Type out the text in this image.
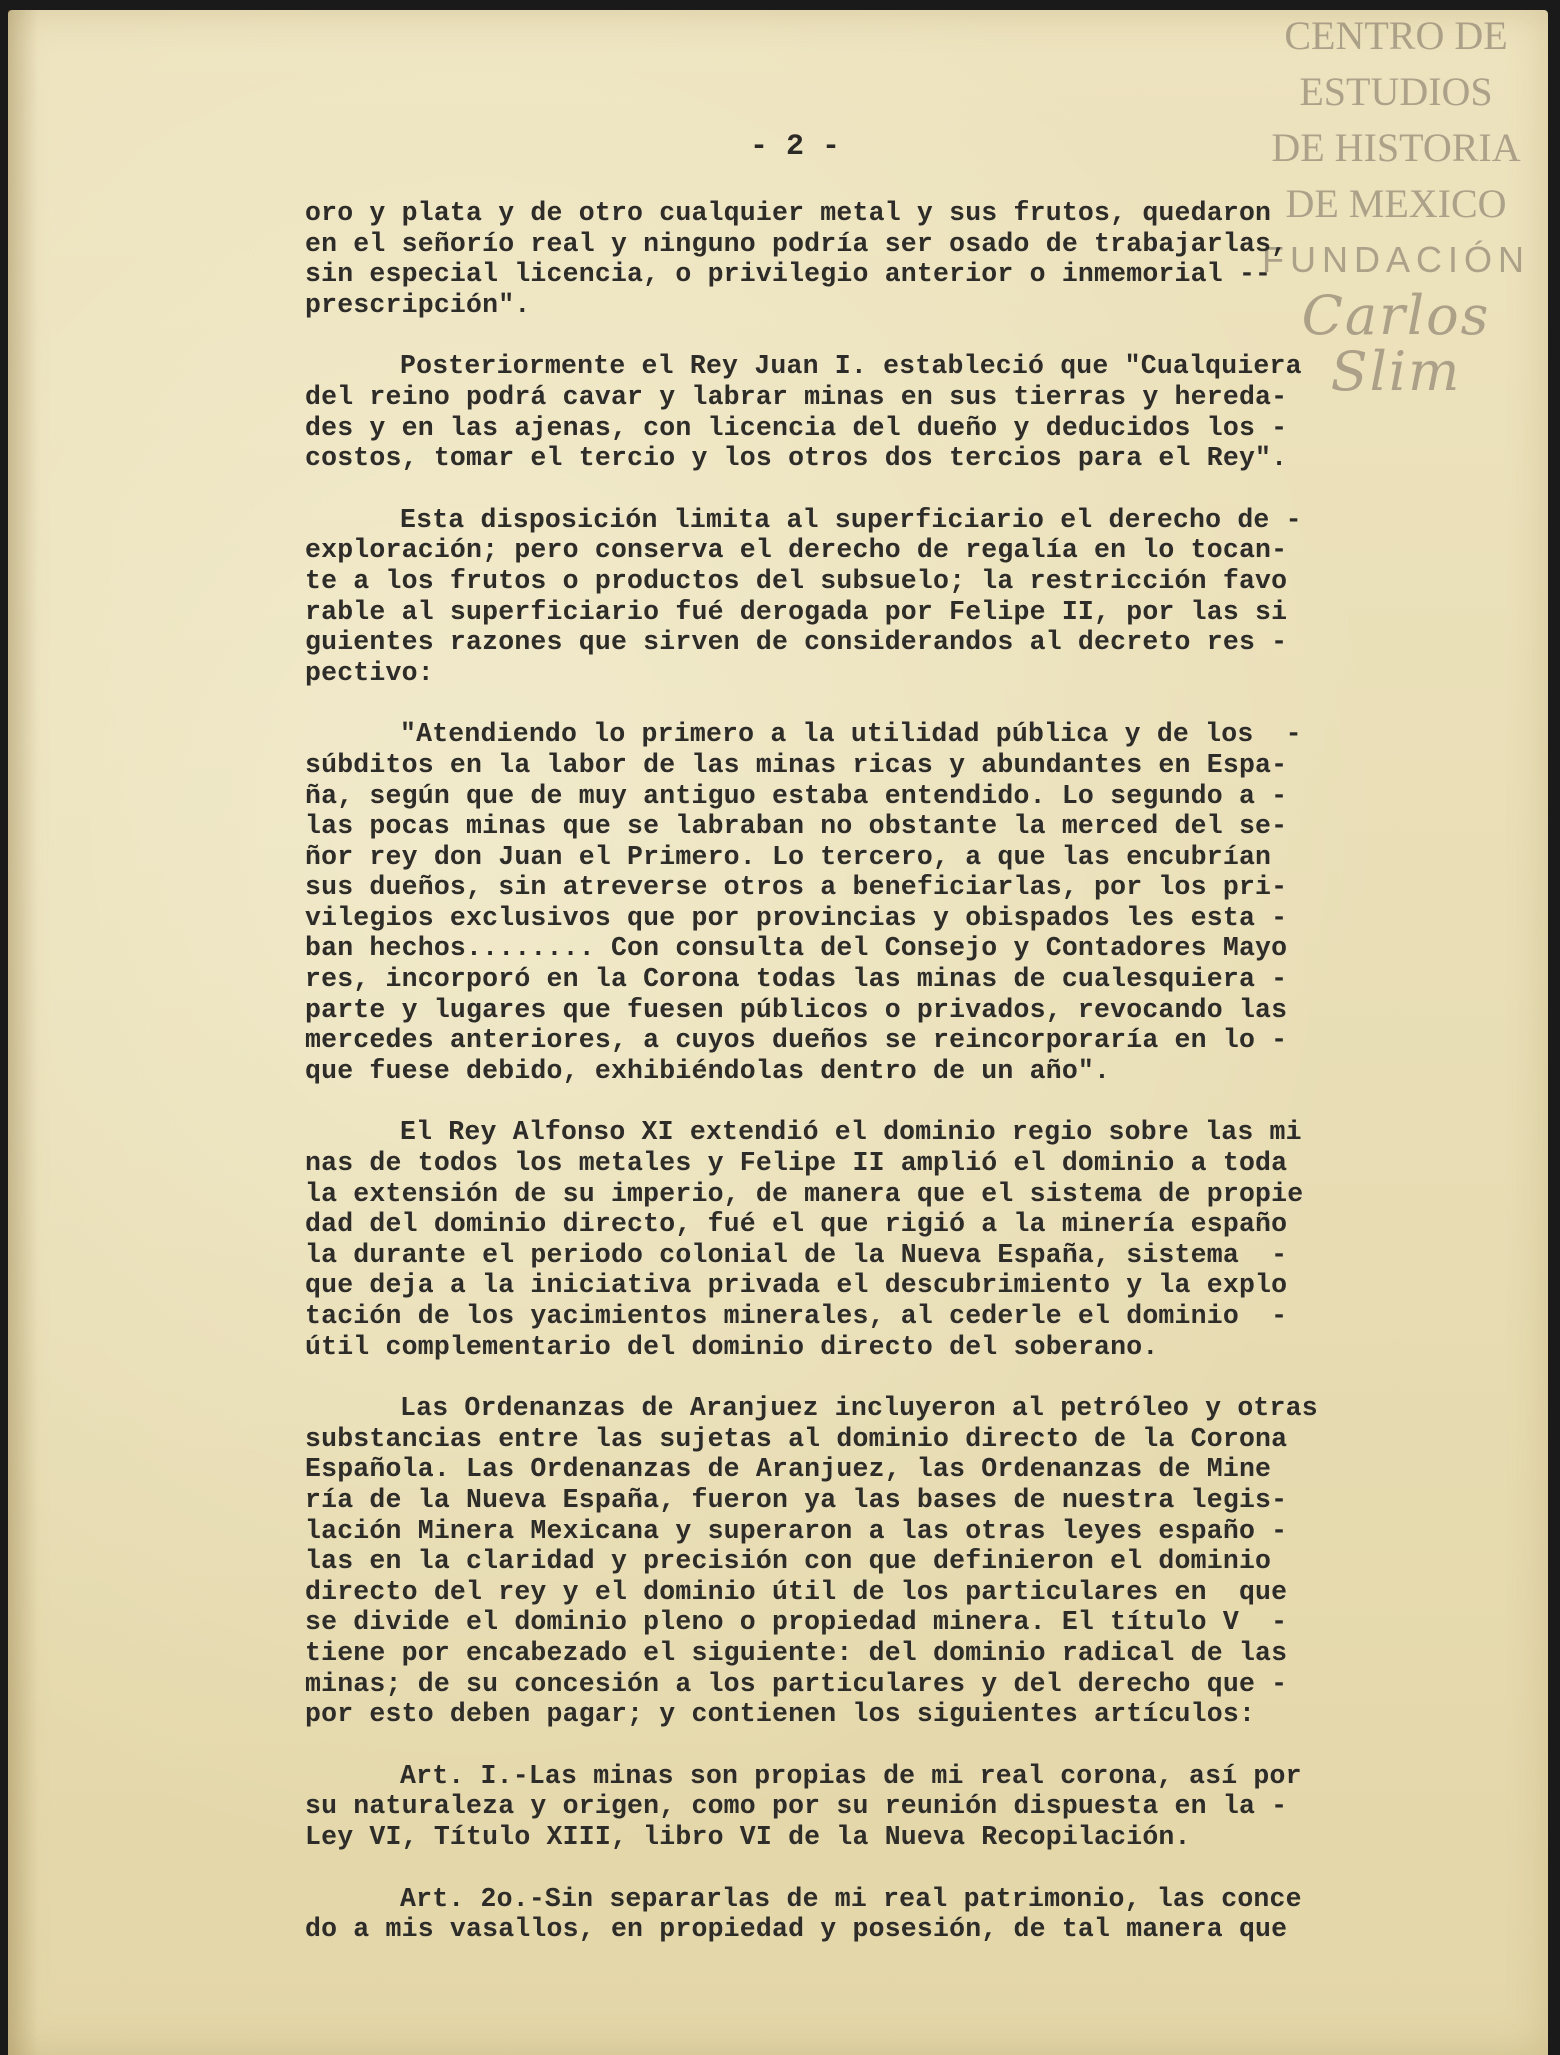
CENTRO DE
ESTUDIOS
DE HISTORIA
DE MEXICO
FUNDACIÓN
Carlos Slim
- 2 -
oro y plata y de otro cualquier metal y sus frutos, quedaron
en el señorío real y ninguno podría ser osado de trabajarlas,
sin especial licencia, o privilegio anterior o inmemorial --
prescripción".
Posteriormente el Rey Juan I. estableció que "Cualquiera
del reino podrá cavar y labrar minas en sus tierras y hereda-
des y en las ajenas, con licencia del dueño y deducidos los -
costos, tomar el tercio y los otros dos tercios para el Rey".
Esta disposición limita al superficiario el derecho de -
exploración; pero conserva el derecho de regalía en lo tocan-
te a los frutos o productos del subsuelo; la restricción favo
rable al superficiario fué derogada por Felipe II, por las si
guientes razones que sirven de considerandos al decreto res -
pectivo:
"Atendiendo lo primero a la utilidad pública y de los  -
súbditos en la labor de las minas ricas y abundantes en Espa-
ña, según que de muy antiguo estaba entendido. Lo segundo a -
las pocas minas que se labraban no obstante la merced del se-
ñor rey don Juan el Primero. Lo tercero, a que las encubrían
sus dueños, sin atreverse otros a beneficiarlas, por los pri-
vilegios exclusivos que por provincias y obispados les esta -
ban hechos........ Con consulta del Consejo y Contadores Mayo
res, incorporó en la Corona todas las minas de cualesquiera -
parte y lugares que fuesen públicos o privados, revocando las
mercedes anteriores, a cuyos dueños se reincorporaría en lo -
que fuese debido, exhibiéndolas dentro de un año".
El Rey Alfonso XI extendió el dominio regio sobre las mi
nas de todos los metales y Felipe II amplió el dominio a toda
la extensión de su imperio, de manera que el sistema de propie
dad del dominio directo, fué el que rigió a la minería españo
la durante el periodo colonial de la Nueva España, sistema  -
que deja a la iniciativa privada el descubrimiento y la explo
tación de los yacimientos minerales, al cederle el dominio  -
útil complementario del dominio directo del soberano.
Las Ordenanzas de Aranjuez incluyeron al petróleo y otras
substancias entre las sujetas al dominio directo de la Corona
Española. Las Ordenanzas de Aranjuez, las Ordenanzas de Mine
ría de la Nueva España, fueron ya las bases de nuestra legis-
lación Minera Mexicana y superaron a las otras leyes españo -
las en la claridad y precisión con que definieron el dominio
directo del rey y el dominio útil de los particulares en  que
se divide el dominio pleno o propiedad minera. El título V  -
tiene por encabezado el siguiente: del dominio radical de las
minas; de su concesión a los particulares y del derecho que -
por esto deben pagar; y contienen los siguientes artículos:
Art. I.-Las minas son propias de mi real corona, así por
su naturaleza y origen, como por su reunión dispuesta en la -
Ley VI, Título XIII, libro VI de la Nueva Recopilación.
Art. 2o.-Sin separarlas de mi real patrimonio, las conce
do a mis vasallos, en propiedad y posesión, de tal manera que
